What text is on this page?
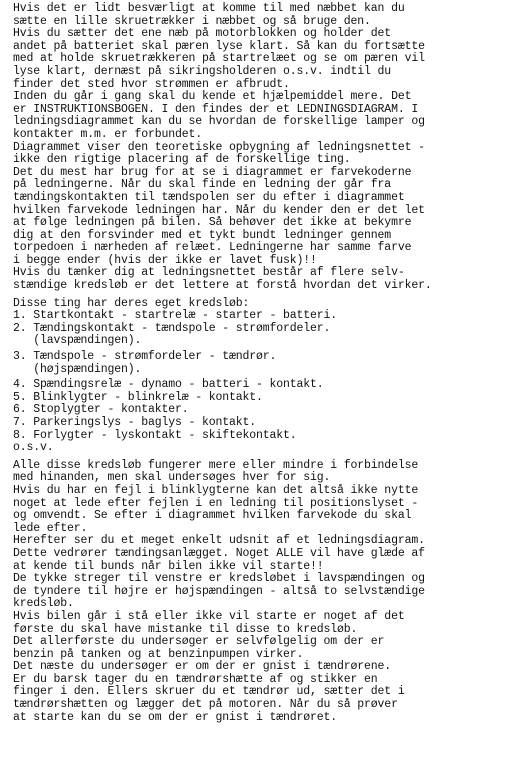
Hvis det er lidt besværligt at komme til med næbbet kan du
sætte en lille skruetrækker i næbbet og så bruge den.
Hvis du sætter det ene næb på motorblokken og holder det
andet på batteriet skal pæren lyse klart. Så kan du fortsætte
med at holde skruetrækkeren på startrelæet og se om pæren vil
lyse klart, dernæst på sikringsholderen o.s.v. indtil du
finder det sted hvor strømmen er afbrudt.
Inden du går i gang skal du kende et hjælpemiddel mere. Det
er INSTRUKTIONSBOGEN. I den findes der et LEDNINGSDIAGRAM. I
ledningsdiagrammet kan du se hvordan de forskellige lamper og
kontakter m.m. er forbundet.
Diagrammet viser den teoretiske opbygning af ledningsnettet -
ikke den rigtige placering af de forskellige ting.
Det du mest har brug for at se i diagrammet er farvekoderne
på ledningerne. Når du skal finde en ledning der går fra
tændingskontakten til tændspolen ser du efter i diagrammet
hvilken farvekode ledningen har. Når du kender den er det let
at følge ledningen på bilen. Så behøver det ikke at bekymre
dig at den forsvinder med et tykt bundt ledninger gennem
torpedoen i nærheden af relæet. Ledningerne har samme farve
i begge ender (hvis der ikke er lavet fusk)!!
Hvis du tænker dig at ledningsnettet består af flere selv-
stændige kredsløb er det lettere at forstå hvordan det virker.
Disse ting har deres eget kredsløb:
1. Startkontakt - startrelæ - starter - batteri.
2. Tændingskontakt - tændspole - strømfordeler.
(lavspændingen).
3. Tændspole - strømfordeler - tændrør.
(højspændingen).
4. Spændingsrelæ - dynamo - batteri - kontakt.
5. Blinklygter - blinkrelæ - kontakt.
6. Stoplygter - kontakter.
7. Parkeringslys - baglys - kontakt.
8. Forlygter - lyskontakt - skiftekontakt.
o.s.v.
Alle disse kredsløb fungerer mere eller mindre i forbindelse
med hinanden, men skal undersøges hver for sig.
Hvis du har en fejl i blinklygterne kan det altså ikke nytte
noget at lede efter fejlen i en ledning til positionslyset -
og omvendt. Se efter i diagrammet hvilken farvekode du skal
lede efter.
Herefter ser du et meget enkelt udsnit af et ledningsdiagram.
Dette vedrører tændingsanlægget. Noget ALLE vil have glæde af
at kende til bunds når bilen ikke vil starte!!
De tykke streger til venstre er kredsløbet i lavspændingen og
de tyndere til højre er højspændingen - altså to selvstændige
kredsløb.
Hvis bilen går i stå eller ikke vil starte er noget af det
første du skal have mistanke til disse to kredsløb.
Det allerførste du undersøger er selvfølgelig om der er
benzin på tanken og at benzinpumpen virker.
Det næste du undersøger er om der er gnist i tændrørene.
Er du barsk tager du en tændrørshætte af og stikker en
finger i den. Ellers skruer du et tændrør ud, sætter det i
tændrørshætten og lægger det på motoren. Når du så prøver
at starte kan du se om der er gnist i tændrøret.
